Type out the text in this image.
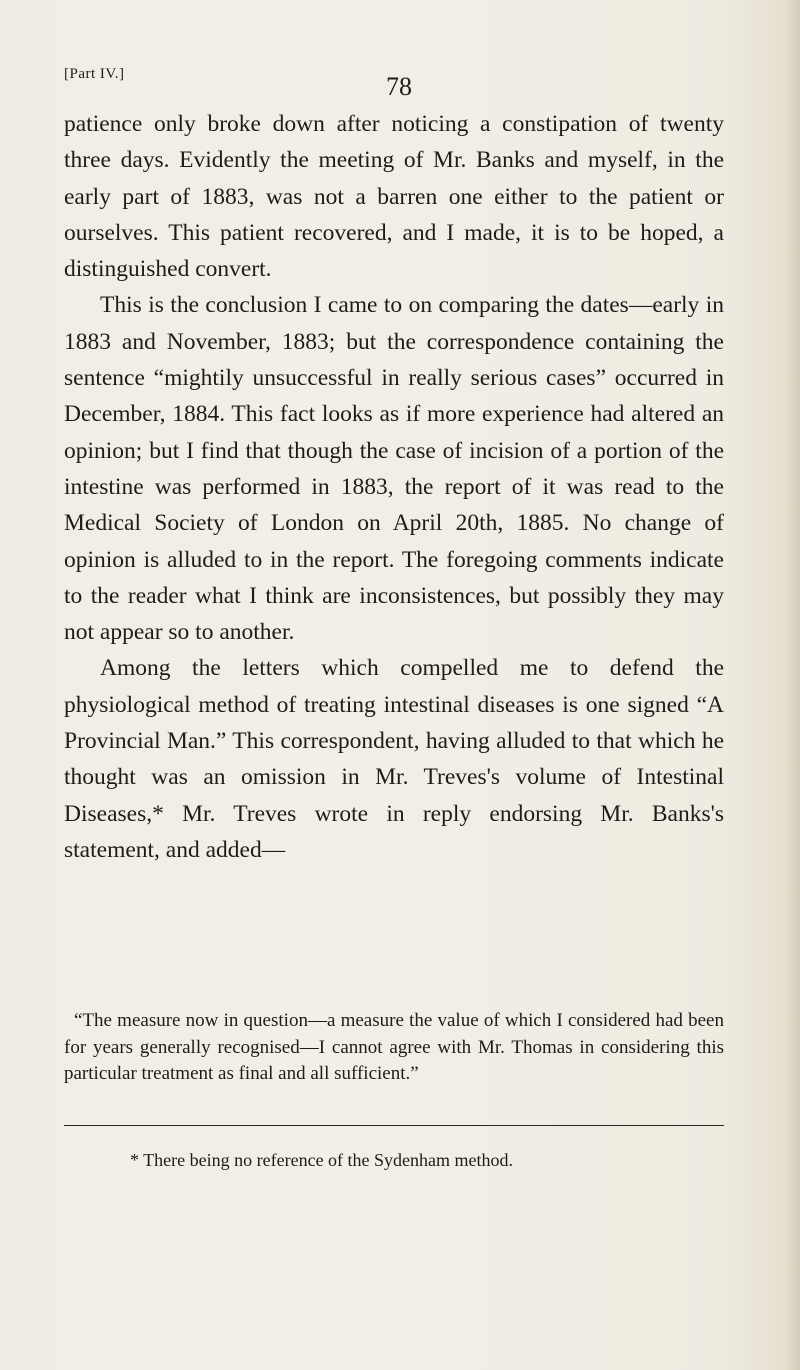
[Part IV.]	78

patience only broke down after noticing a constipation of twenty three days. Evidently the meeting of Mr. Banks and myself, in the early part of 1883, was not a barren one either to the patient or ourselves. This patient recovered, and I made, it is to be hoped, a distinguished convert.

This is the conclusion I came to on comparing the dates—early in 1883 and November, 1883; but the correspondence containing the sentence “mightily unsuccessful in really serious cases” occurred in December, 1884. This fact looks as if more experience had altered an opinion; but I find that though the case of incision of a portion of the intestine was performed in 1883, the report of it was read to the Medical Society of London on April 20th, 1885. No change of opinion is alluded to in the report. The foregoing comments indicate to the reader what I think are inconsistences, but possibly they may not appear so to another.

Among the letters which compelled me to defend the physiological method of treating intestinal diseases is one signed “A Provincial Man.” This correspondent, having alluded to that which he thought was an omission in Mr. Treves's volume of Intestinal Diseases,* Mr. Treves wrote in reply endorsing Mr. Banks's statement, and added—

“The measure now in question—a measure the value of which I considered had been for years generally recognised—I cannot agree with Mr. Thomas in considering this particular treatment as final and all sufficient.”

* There being no reference of the Sydenham method.
